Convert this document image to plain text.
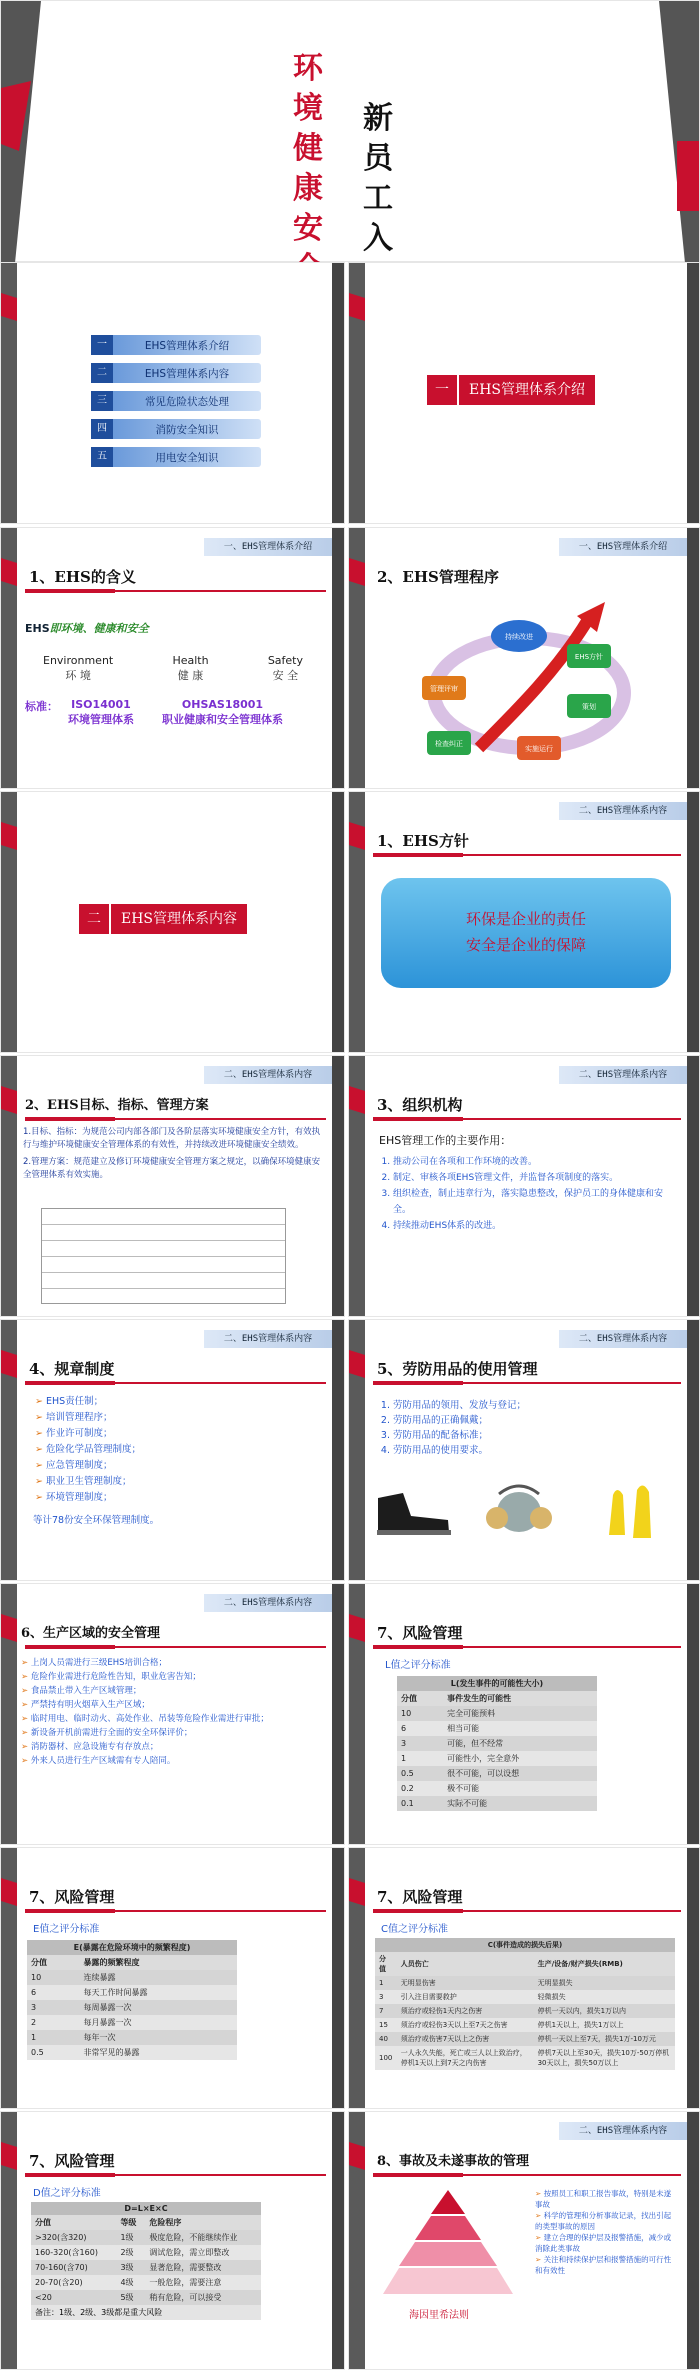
环境健康安
新员工入
一	EHS管理体系介绍
二	EHS管理体系内容
三	常见危险状态处理
四	消防安全知识
五	用电安全知识
一	EHS管理体系介绍
一、EHS管理体系介绍
1、EHS的含义
EHS即环境、健康和安全
Environment
环 境
Health
健 康
Safety
安 全
标准： ISO14001
环境管理体系
OHSAS18001
职业健康和安全管理体系
一、EHS管理体系介绍
2、EHS管理程序
持续改进
EHS方针
策划
实施运行
检查纠正
管理评审
二	EHS管理体系内容
二、EHS管理体系内容
1、EHS方针
环保是企业的责任
安全是企业的保障
二、EHS管理体系内容
2、EHS目标、指标、管理方案

1.目标、指标：为规范公司内部各部门及各阶层落实环境健康安全方针，有效执行与维护环境健康安全管理体系的有效性，并持续改进环境健康安全绩效。

2.管理方案：规范建立及修订环境健康安全管理方案之规定，以确保环境健康安全管理体系有效实施。

二、EHS管理体系内容
3、组织机构
EHS管理工作的主要作用：
1. 推动公司在各项和工作环境的改善。
2. 制定、审核各项EHS管理文件，并监督各项制度的落实。
3. 组织检查，制止违章行为，落实隐患整改，保护员工的身体健康和安全。
4. 持续推动EHS体系的改进。
二、EHS管理体系内容
4、规章制度
➢ EHS责任制；
➢ 培训管理程序；
➢ 作业许可制度；
➢ 危险化学品管理制度；
➢ 应急管理制度；
➢ 职业卫生管理制度；
➢ 环境管理制度；
等计78份安全环保管理制度。
二、EHS管理体系内容
5、劳防用品的使用管理
1. 劳防用品的领用、发放与登记；
2. 劳防用品的正确佩戴；
3. 劳防用品的配备标准；
4. 劳防用品的使用要求。
二、EHS管理体系内容
6、生产区域的安全管理
➢ 上岗人员需进行三级EHS培训合格；
➢ 危险作业需进行危险性告知，职业危害告知；
➢ 食品禁止带入生产区域管理；
➢ 严禁持有明火烟草入生产区域；
➢ 临时用电、临时动火、高处作业、吊装等危险作业需进行审批；
➢ 新设备开机前需进行全面的安全环保评价；
➢ 消防器材、应急设施专有存放点；
➢ 外来人员进行生产区域需有专人陪同。
7、风险管理
L值之评分标准
L(发生事件的可能性大小)	
分值	事件发生的可能性
10	完全可能预料
6	相当可能
3	可能，但不经常
1	可能性小，完全意外
0.5	很不可能，可以设想
0.2	极不可能
0.1	实际不可能
7、风险管理
E值之评分标准
E(暴露在危险环境中的频繁程度)	
分值	暴露的频繁程度
10	连续暴露
6	每天工作时间暴露
3	每周暴露一次
2	每月暴露一次
1	每年一次
0.5	非常罕见的暴露
7、风险管理
C值之评分标准
C(事件造成的损失后果)		
分值	人员伤亡	生产/设备/财产损失(RMB)
1	无明显伤害	无明显损失
3	引入注目需要救护	轻微损失
7	须治疗或轻伤1天内之伤害	停机一天以内，损失1万以内
15	须治疗或轻伤3天以上至7天之伤害	停机1天以上，损失1万以上
40	须治疗或伤害7天以上之伤害	停机一天以上至7天，损失1万-10万元
100	一人永久失能，死亡或三人以上致治疗，停机1天以上到7天之内伤害	停机7天以上至30天，损失10万-50万停机30天以上，损失50万以上
7、风险管理
D值之评分标准
D=L×E×C		
分值	等级	危险程序
>320(含320)	1级	极度危险，不能继续作业
160-320(含160)	2级	调试危险，需立即整改
70-160(含70)	3级	显著危险，需要整改
20-70(含20)	4级	一般危险，需要注意
<20	5级	稍有危险，可以接受
备注：1级、2级、3级都是重大风险
二、EHS管理体系内容
8、事故及未遂事故的管理
海因里希法则
➢ 按照员工和职工报告事故，特别是未遂事故
➢ 科学的管理和分析事故记录，找出引起的类型事故的原因
➢ 建立合理的保护层及报警措施，减少或消除此类事故
➢ 关注和持续保护层和报警措施的可行性和有效性
